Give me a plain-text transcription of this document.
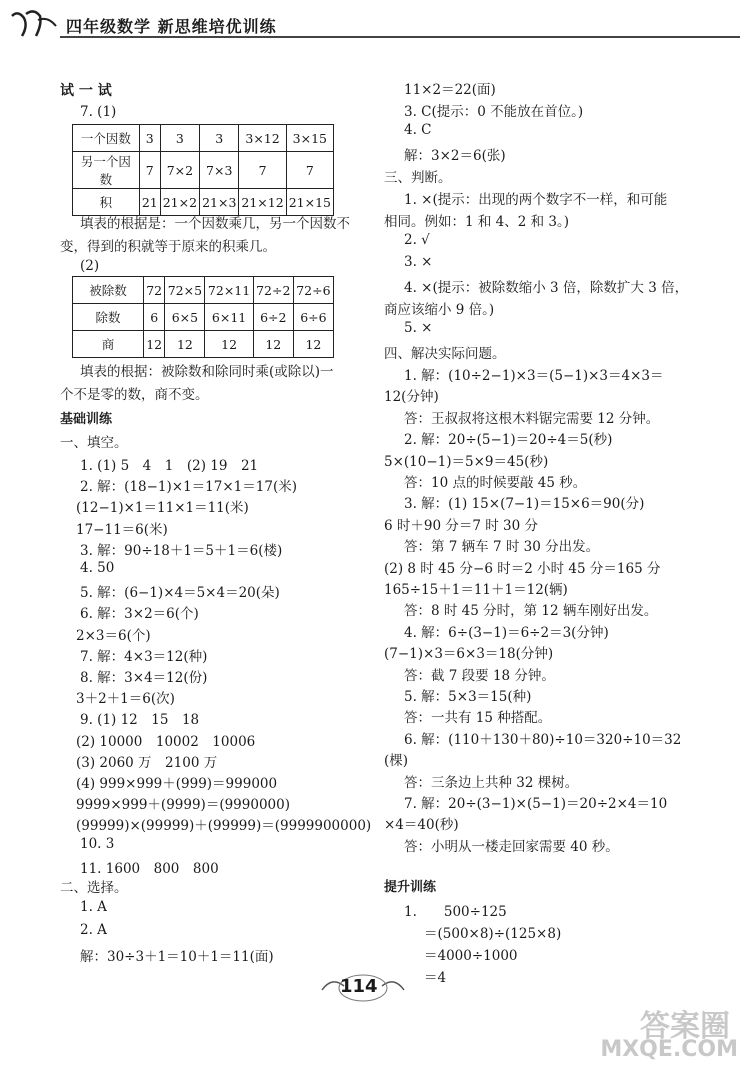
四年级数学 新思维培优训练
试 一 试
7. (1)
一个因数	3	3	3	3×12	3×15
另一个因数	7	7×2	7×3	7	7
积	21	21×2	21×3	21×12	21×15
填表的根据是：一个因数乘几，另一个因数不
变，得到的积就等于原来的积乘几。
(2)
被除数	72	72×5	72×11	72÷2	72÷6
除数	6	6×5	6×11	6÷2	6÷6
商	12	12	12	12	12
填表的根据：被除数和除同时乘(或除以)一
个不是零的数，商不变。
基础训练
一、填空。
1. (1) 5　4　1　(2) 19　21
2. 解：(18−1)×1＝17×1＝17(米)
(12−1)×1＝11×1＝11(米)
17−11＝6(米)
3. 解：90÷18＋1＝5＋1＝6(楼)
4. 50
5. 解：(6−1)×4＝5×4＝20(朵)
6. 解：3×2＝6(个)
2×3＝6(个)
7. 解：4×3＝12(种)
8. 解：3×4＝12(份)
3＋2＋1＝6(次)
9. (1) 12　15　18
(2) 10000　10002　10006
(3) 2060 万　2100 万
(4) 999×999＋(999)＝999000
9999×999＋(9999)＝(9990000)
(99999)×(99999)＋(99999)＝(9999900000)
10. 3
11. 1600　800　800
二、选择。
1. A
2. A
解：30÷3＋1＝10＋1＝11(面)
11×2＝22(面)
3. C(提示：0 不能放在首位。)
4. C
解：3×2＝6(张)
三、判断。
1. ×(提示：出现的两个数字不一样，和可能
相同。例如：1 和 4、2 和 3。)
2. √
3. ×
4. ×(提示：被除数缩小 3 倍，除数扩大 3 倍，
商应该缩小 9 倍。)
5. ×
四、解决实际问题。
1. 解：(10÷2−1)×3＝(5−1)×3＝4×3＝
12(分钟)
答：王叔叔将这根木料锯完需要 12 分钟。
2. 解：20÷(5−1)＝20÷4＝5(秒)
5×(10−1)＝5×9＝45(秒)
答：10 点的时候要敲 45 秒。
3. 解：(1) 15×(7−1)＝15×6＝90(分)
6 时＋90 分＝7 时 30 分
答：第 7 辆车 7 时 30 分出发。
(2) 8 时 45 分−6 时＝2 小时 45 分＝165 分
165÷15＋1＝11＋1＝12(辆)
答：8 时 45 分时，第 12 辆车刚好出发。
4. 解：6÷(3−1)＝6÷2＝3(分钟)
(7−1)×3＝6×3＝18(分钟)
答：截 7 段要 18 分钟。
5. 解：5×3＝15(种)
答：一共有 15 种搭配。
6. 解：(110＋130＋80)÷10＝320÷10＝32
(棵)
答：三条边上共种 32 棵树。
7. 解：20÷(3−1)×(5−1)＝20÷2×4＝10
×4＝40(秒)
答：小明从一楼走回家需要 40 秒。
提升训练
1.　　500÷125
＝(500×8)÷(125×8)
＝4000÷1000
＝4
114
答案圈
MXQE.COM
